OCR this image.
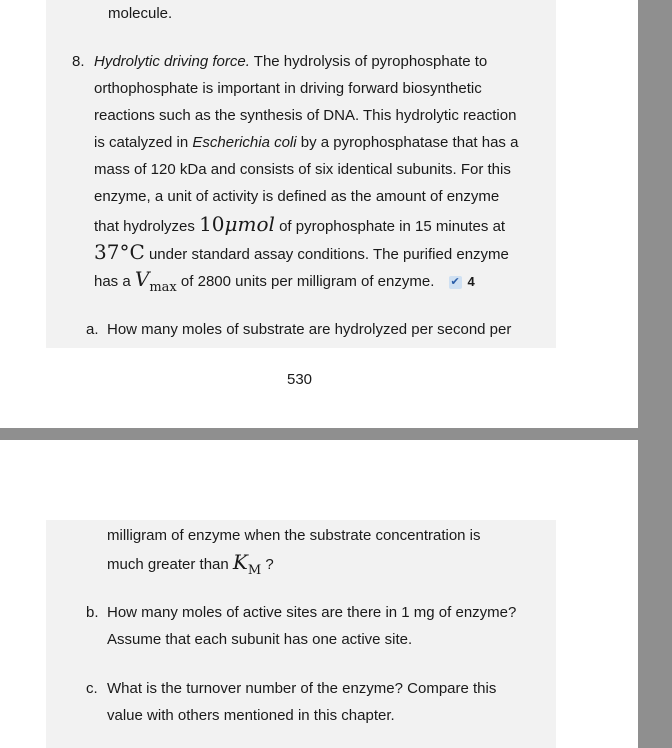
molecule.
8. Hydrolytic driving force. The hydrolysis of pyrophosphate to
orthophosphate is important in driving forward biosynthetic
reactions such as the synthesis of DNA. This hydrolytic reaction
is catalyzed in Escherichia coli by a pyrophosphatase that has a
mass of 120 kDa and consists of six identical subunits. For this
enzyme, a unit of activity is defined as the amount of enzyme
that hydrolyzes 10μmol of pyrophosphate in 15 minutes at
37°C under standard assay conditions. The purified enzyme
has a Vmax of 2800 units per milligram of enzyme. ✔ 4
a. How many moles of substrate are hydrolyzed per second per
530
milligram of enzyme when the substrate concentration is
much greater than KM ?
b. How many moles of active sites are there in 1 mg of enzyme?
Assume that each subunit has one active site.
c. What is the turnover number of the enzyme? Compare this
value with others mentioned in this chapter.
